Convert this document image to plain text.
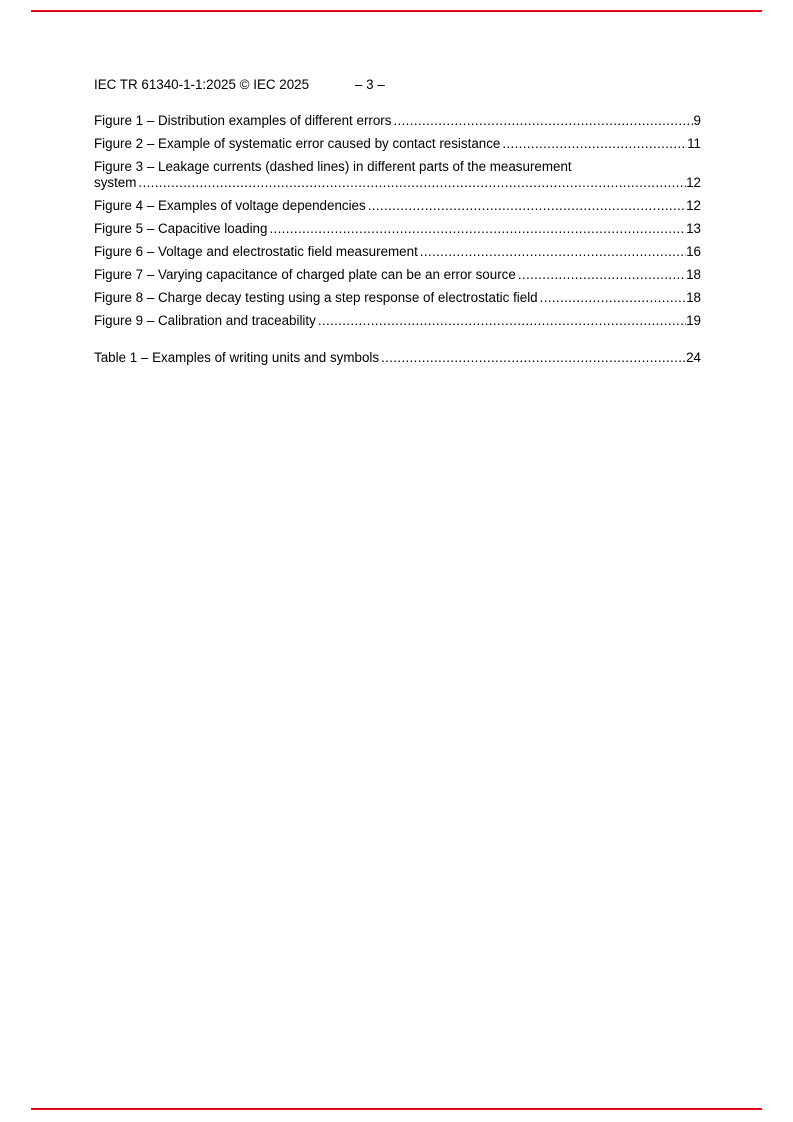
IEC TR 61340-1-1:2025 © IEC 2025	– 3 –
Figure 1 – Distribution examples of different errors .....	9
Figure 2 – Example of systematic error caused by contact resistance .....	11
Figure 3 – Leakage currents (dashed lines) in different parts of the measurement
system .....	12
Figure 4 – Examples of voltage dependencies .....	12
Figure 5 – Capacitive loading .....	13
Figure 6 – Voltage and electrostatic field measurement .....	16
Figure 7 – Varying capacitance of charged plate can be an error source .....	18
Figure 8 – Charge decay testing using a step response of electrostatic field .....	18
Figure 9 – Calibration and traceability .....	19
Table 1 – Examples of writing units and symbols .....	24
